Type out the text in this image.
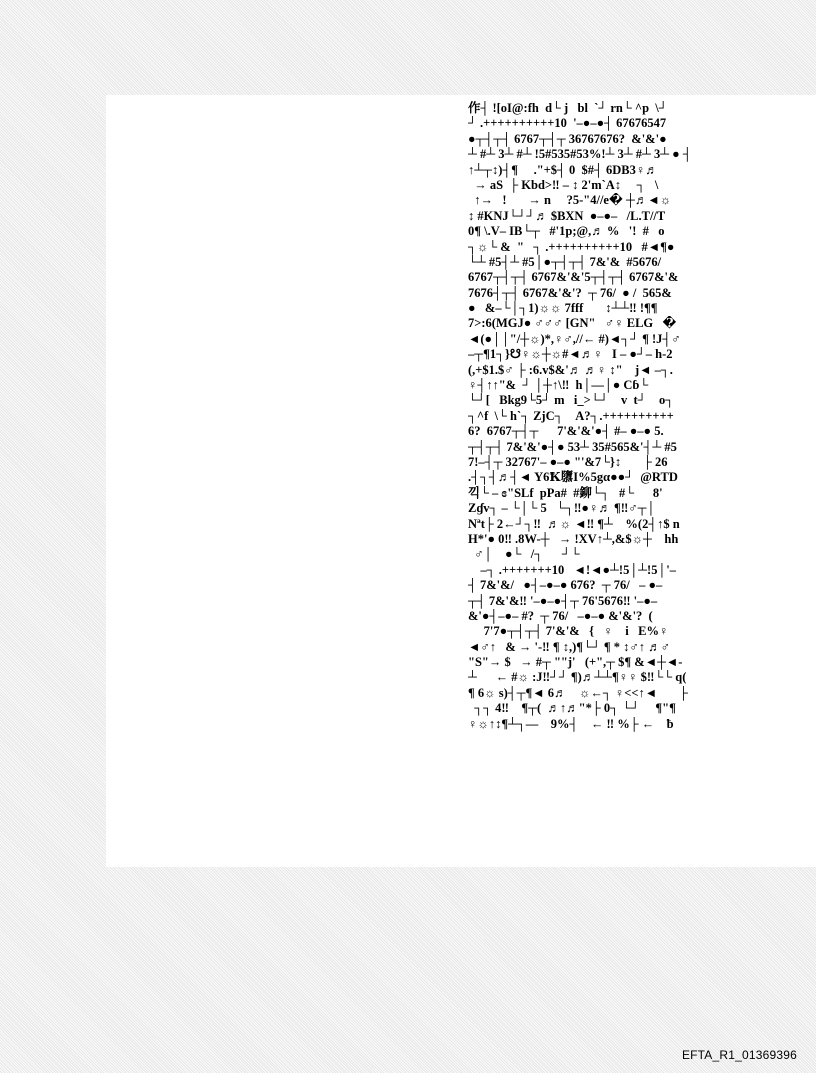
作┤ ![oI@:fh  d└ j   bl  `┘ rn└ ^p  \┘
┘ .++++++++++10  '–●–●┤ 67676547
●┬┤┬┤ 6767┬┤┬ 36767676?  &'&'●
┴ #┴ 3┴ #┴ !5#535#53%!┴ 3┴ #┴ 3┴ ● ┤
↑┴┬↕)┤¶     ."+$┤ 0  $#┤ 6DB3♀♬
→ aS  ├ Kbd>‼ – ↕ 2'm`A↕     ┐   \
↑→   !       → n     ?5-"4//e� ┼♬◄☼
↕ #KNJ└┘┘♬ $BXN  ●–●–   /L.T//T
0¶ \.V– IB└┬   #'1p;@,♬ %   '!  #   o
┐☼└ &  "   ┐ .++++++++++10   #◄¶●
└┴ #5┤┴ #5│●┬┤┬┤ 7&'&  #5676/
6767┬┤┬┤ 6767&'&'5┬┤┬┤ 6767&'&
7676┤┬┤ 6767&'&'?  ┬ 76/  ● /  565&
●   &–└│┐1)☼☼ 7fff       ↕┴┴‼ !¶¶
7>:6(MGJ● ♂♂♂ [GN"   ♂♀ ELG   �
◄(●││"/┼☼)*,♀♂,//← #)◄┐┘ ¶ !J┤♂
–┬¶1┐}☋♀☼┼☼#◄♬♀   I – ●┘– h-2
(,+$1.$♂ ├ :6.v$&'♬ ♬♀ ↕"    j◄ –┐.
♀┤↑↑"&  ┘ │┼↑\‼  h│––│● Cɓ└
└┘[   Bkg9└5┘ m   i_>└┘    v  t┘    o┐
┐^f  \└ h`┐ ZjC┐    A?┐.++++++++++
6?  6767┬┤┬      7'&'&'●┤ #– ●–● 5.
┬┤┬┤ 7&'&'●┤● 53┴ 35#565&'┤┴ #5
7!–┤┬ 32767'– ●–● "'&7└}↕       ├ 26
.┤┐┤♬┤◄ Y6Ꝁ隳I%5gα●●┘  @RTD
끽└ – ɞ"SLf  pPa#  #鉚└┐   #└      8'
Zɠv┐ – └│└ 5   └┐‼●♀♬ ¶‼♂┬│
Nªt├ 2←┘┐‼  ♬☼ ◄‼ ¶┴    %(2┤↑$ n
H*'● 0‼ .8W-┼   → !XV↑┴,&$☼┼    hh
♂│    ●└   /┐      ┘└
–┐ .+++++++10   ◄!◄●┴!5│┴!5│'–
┤ 7&'&/   ●┤–●–● 676?  ┬ 76/   – ●–
┬┤ 7&'&‼ '–●–●┤┬ 76'5676‼ '–●–
&'●┤–●– #?  ┬ 76/   –●–● &'&'?  (
7'7●┬┤┬┤ 7'&'&   {   ♀    i   E%♀
◄♂↑   & → '-‼ ¶ ↕,)¶└┘ ¶ * ↕♂↑ ♬♂
"S"→ $   → #┬ ""j'   (+",┬ $¶ &◄┼◄-
┴      ← #☼ :J‼┘┘ ¶)♬┴┴¶♀♀ $‼└└ q(
¶ 6☼ s)┤┬¶◄ 6♬    ☼←┐ ♀<<↑◄       ├
┐┐ 4‼    ¶┬(  ♬↑♬"*├ 0┐ └┘     ¶"¶
♀☼↑↕¶┴┐––    9%┤    ← ‼ %├ ←    ƀ
EFTA_R1_01369396
